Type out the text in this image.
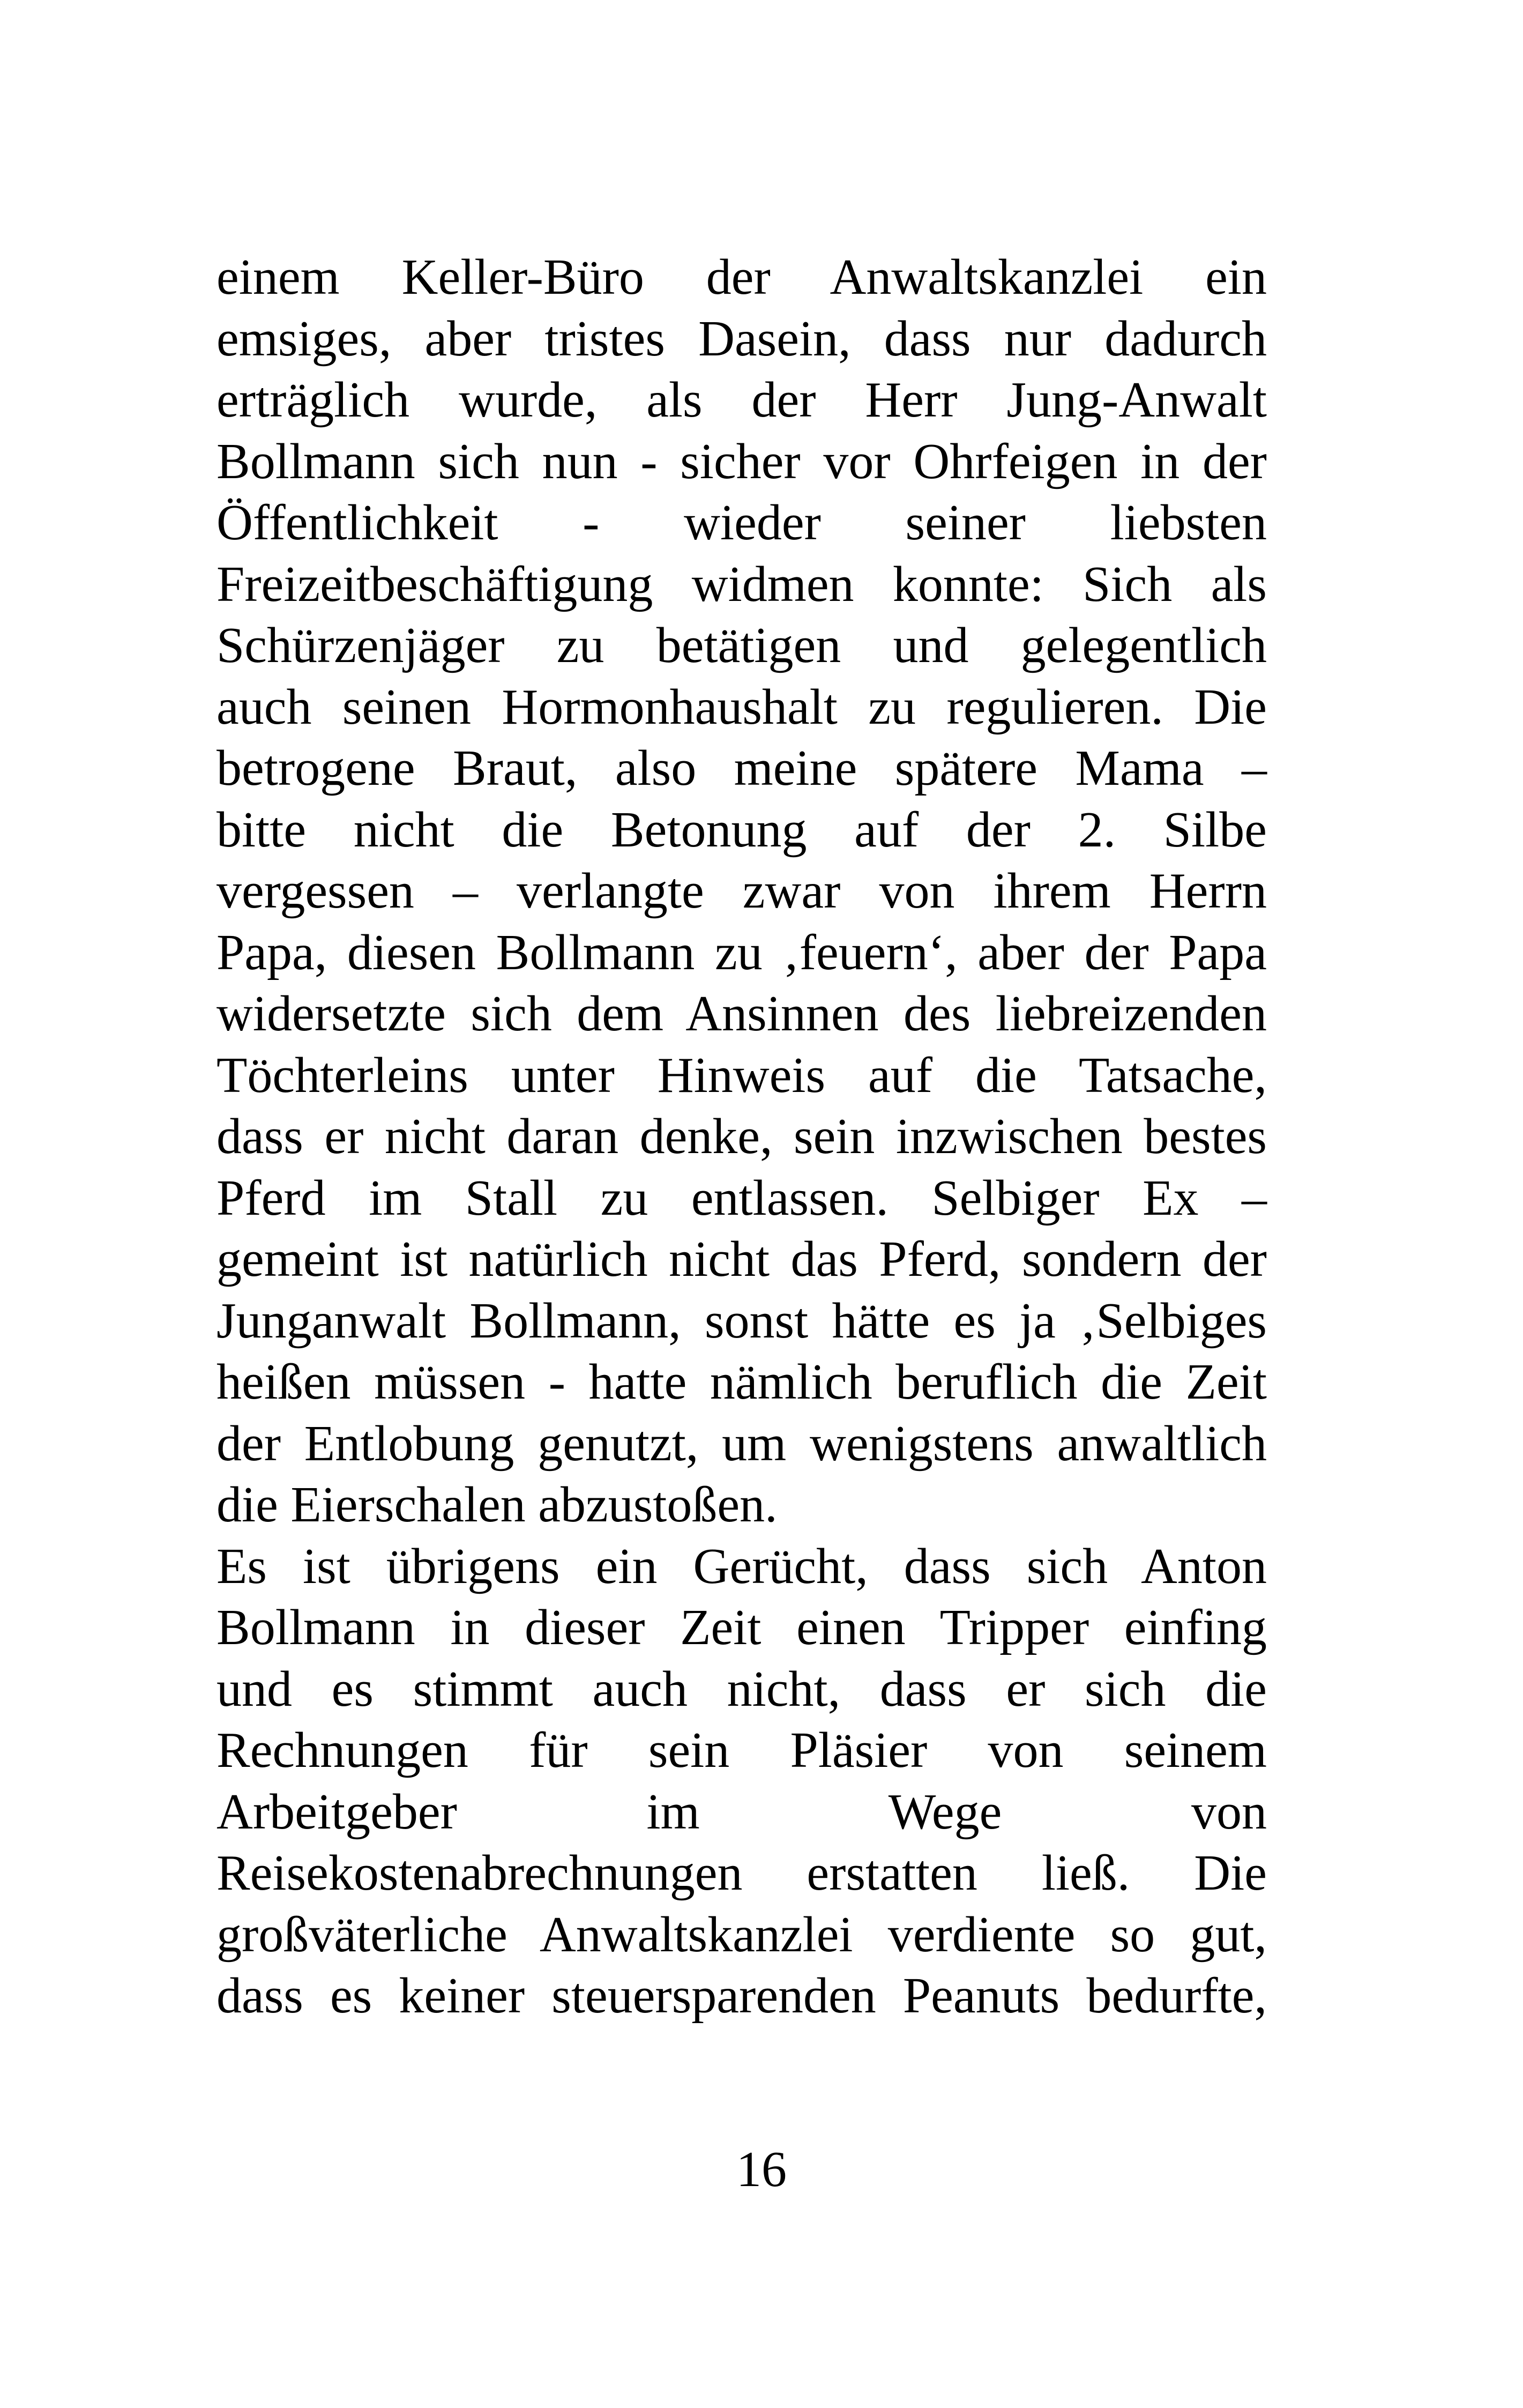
einem Keller-Büro der Anwaltskanzlei ein
emsiges, aber tristes Dasein, dass nur dadurch
erträglich wurde, als der Herr Jung-Anwalt
Bollmann sich nun - sicher vor Ohrfeigen in der
Öffentlichkeit - wieder seiner liebsten
Freizeitbeschäftigung widmen konnte: Sich als
Schürzenjäger zu betätigen und gelegentlich
auch seinen Hormonhaushalt zu regulieren. Die
betrogene Braut, also meine spätere Mama –
bitte nicht die Betonung auf der 2. Silbe
vergessen – verlangte zwar von ihrem Herrn
Papa, diesen Bollmann zu ‚feuern‘, aber der Papa
widersetzte sich dem Ansinnen des liebreizenden
Töchterleins unter Hinweis auf die Tatsache,
dass er nicht daran denke, sein inzwischen bestes
Pferd im Stall zu entlassen. Selbiger Ex –
gemeint ist natürlich nicht das Pferd, sondern der
Junganwalt Bollmann, sonst hätte es ja ‚Selbiges
heißen müssen - hatte nämlich beruflich die Zeit
der Entlobung genutzt, um wenigstens anwaltlich
die Eierschalen abzustoßen.
Es ist übrigens ein Gerücht, dass sich Anton
Bollmann in dieser Zeit einen Tripper einfing
und es stimmt auch nicht, dass er sich die
Rechnungen für sein Pläsier von seinem
Arbeitgeber im Wege von
Reisekostenabrechnungen erstatten ließ. Die
großväterliche Anwaltskanzlei verdiente so gut,
dass es keiner steuersparenden Peanuts bedurfte,
16
